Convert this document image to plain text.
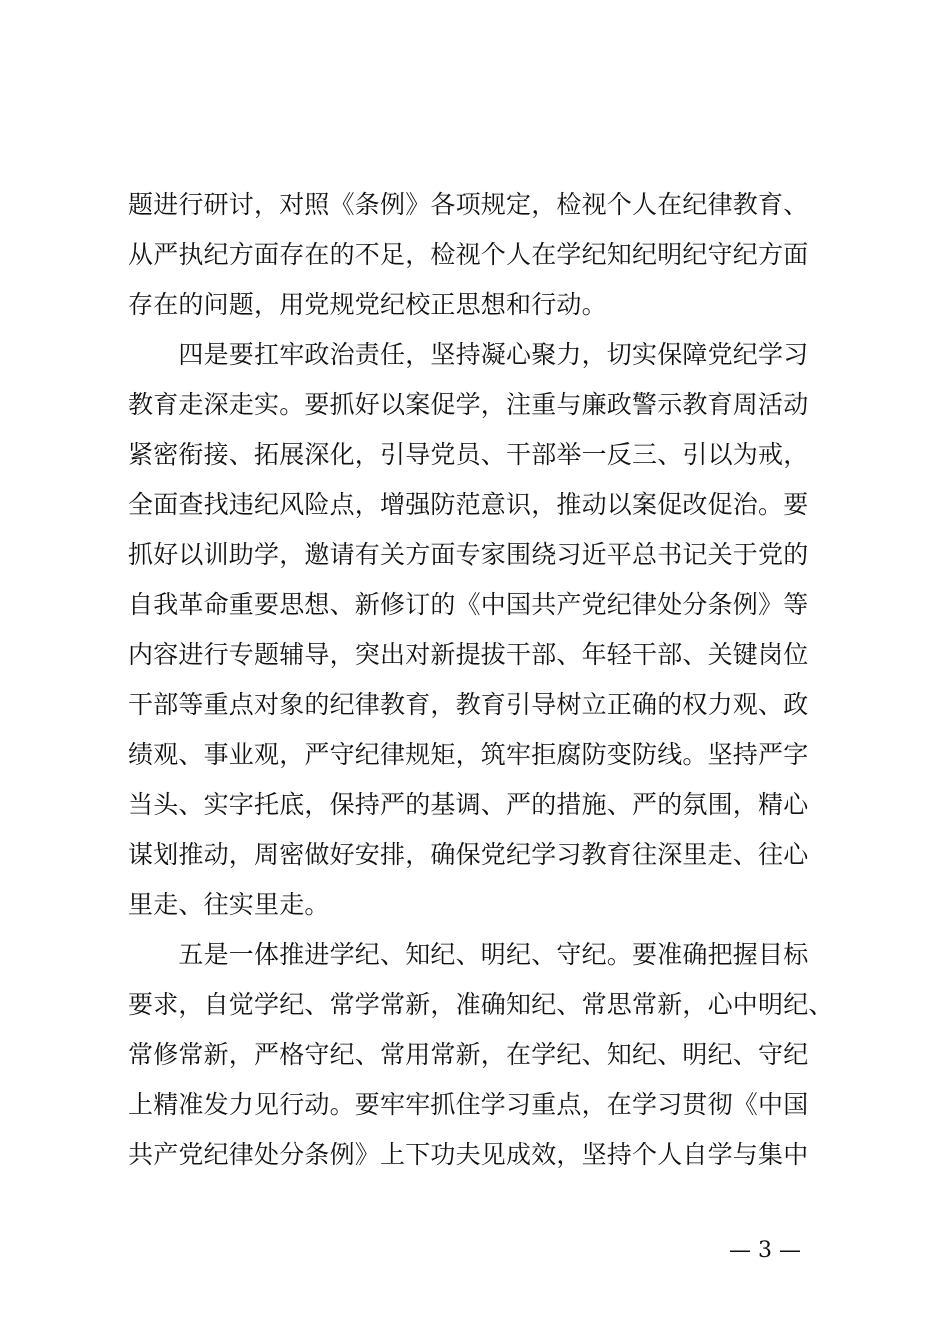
题进行研讨，对照《条例》各项规定，检视个人在纪律教育、
从严执纪方面存在的不足，检视个人在学纪知纪明纪守纪方面
存在的问题，用党规党纪校正思想和行动。
　　四是要扛牢政治责任，坚持凝心聚力，切实保障党纪学习
教育走深走实。要抓好以案促学，注重与廉政警示教育周活动
紧密衔接、拓展深化，引导党员、干部举一反三、引以为戒，
全面查找违纪风险点，增强防范意识，推动以案促改促治。要
抓好以训助学，邀请有关方面专家围绕习近平总书记关于党的
自我革命重要思想、新修订的《中国共产党纪律处分条例》等
内容进行专题辅导，突出对新提拔干部、年轻干部、关键岗位
干部等重点对象的纪律教育，教育引导树立正确的权力观、政
绩观、事业观，严守纪律规矩，筑牢拒腐防变防线。坚持严字
当头、实字托底，保持严的基调、严的措施、严的氛围，精心
谋划推动，周密做好安排，确保党纪学习教育往深里走、往心
里走、往实里走。
　　五是一体推进学纪、知纪、明纪、守纪。要准确把握目标
要求，自觉学纪、常学常新，准确知纪、常思常新，心中明纪、
常修常新，严格守纪、常用常新，在学纪、知纪、明纪、守纪
上精准发力见行动。要牢牢抓住学习重点，在学习贯彻《中国
共产党纪律处分条例》上下功夫见成效，坚持个人自学与集中
— 3 —
